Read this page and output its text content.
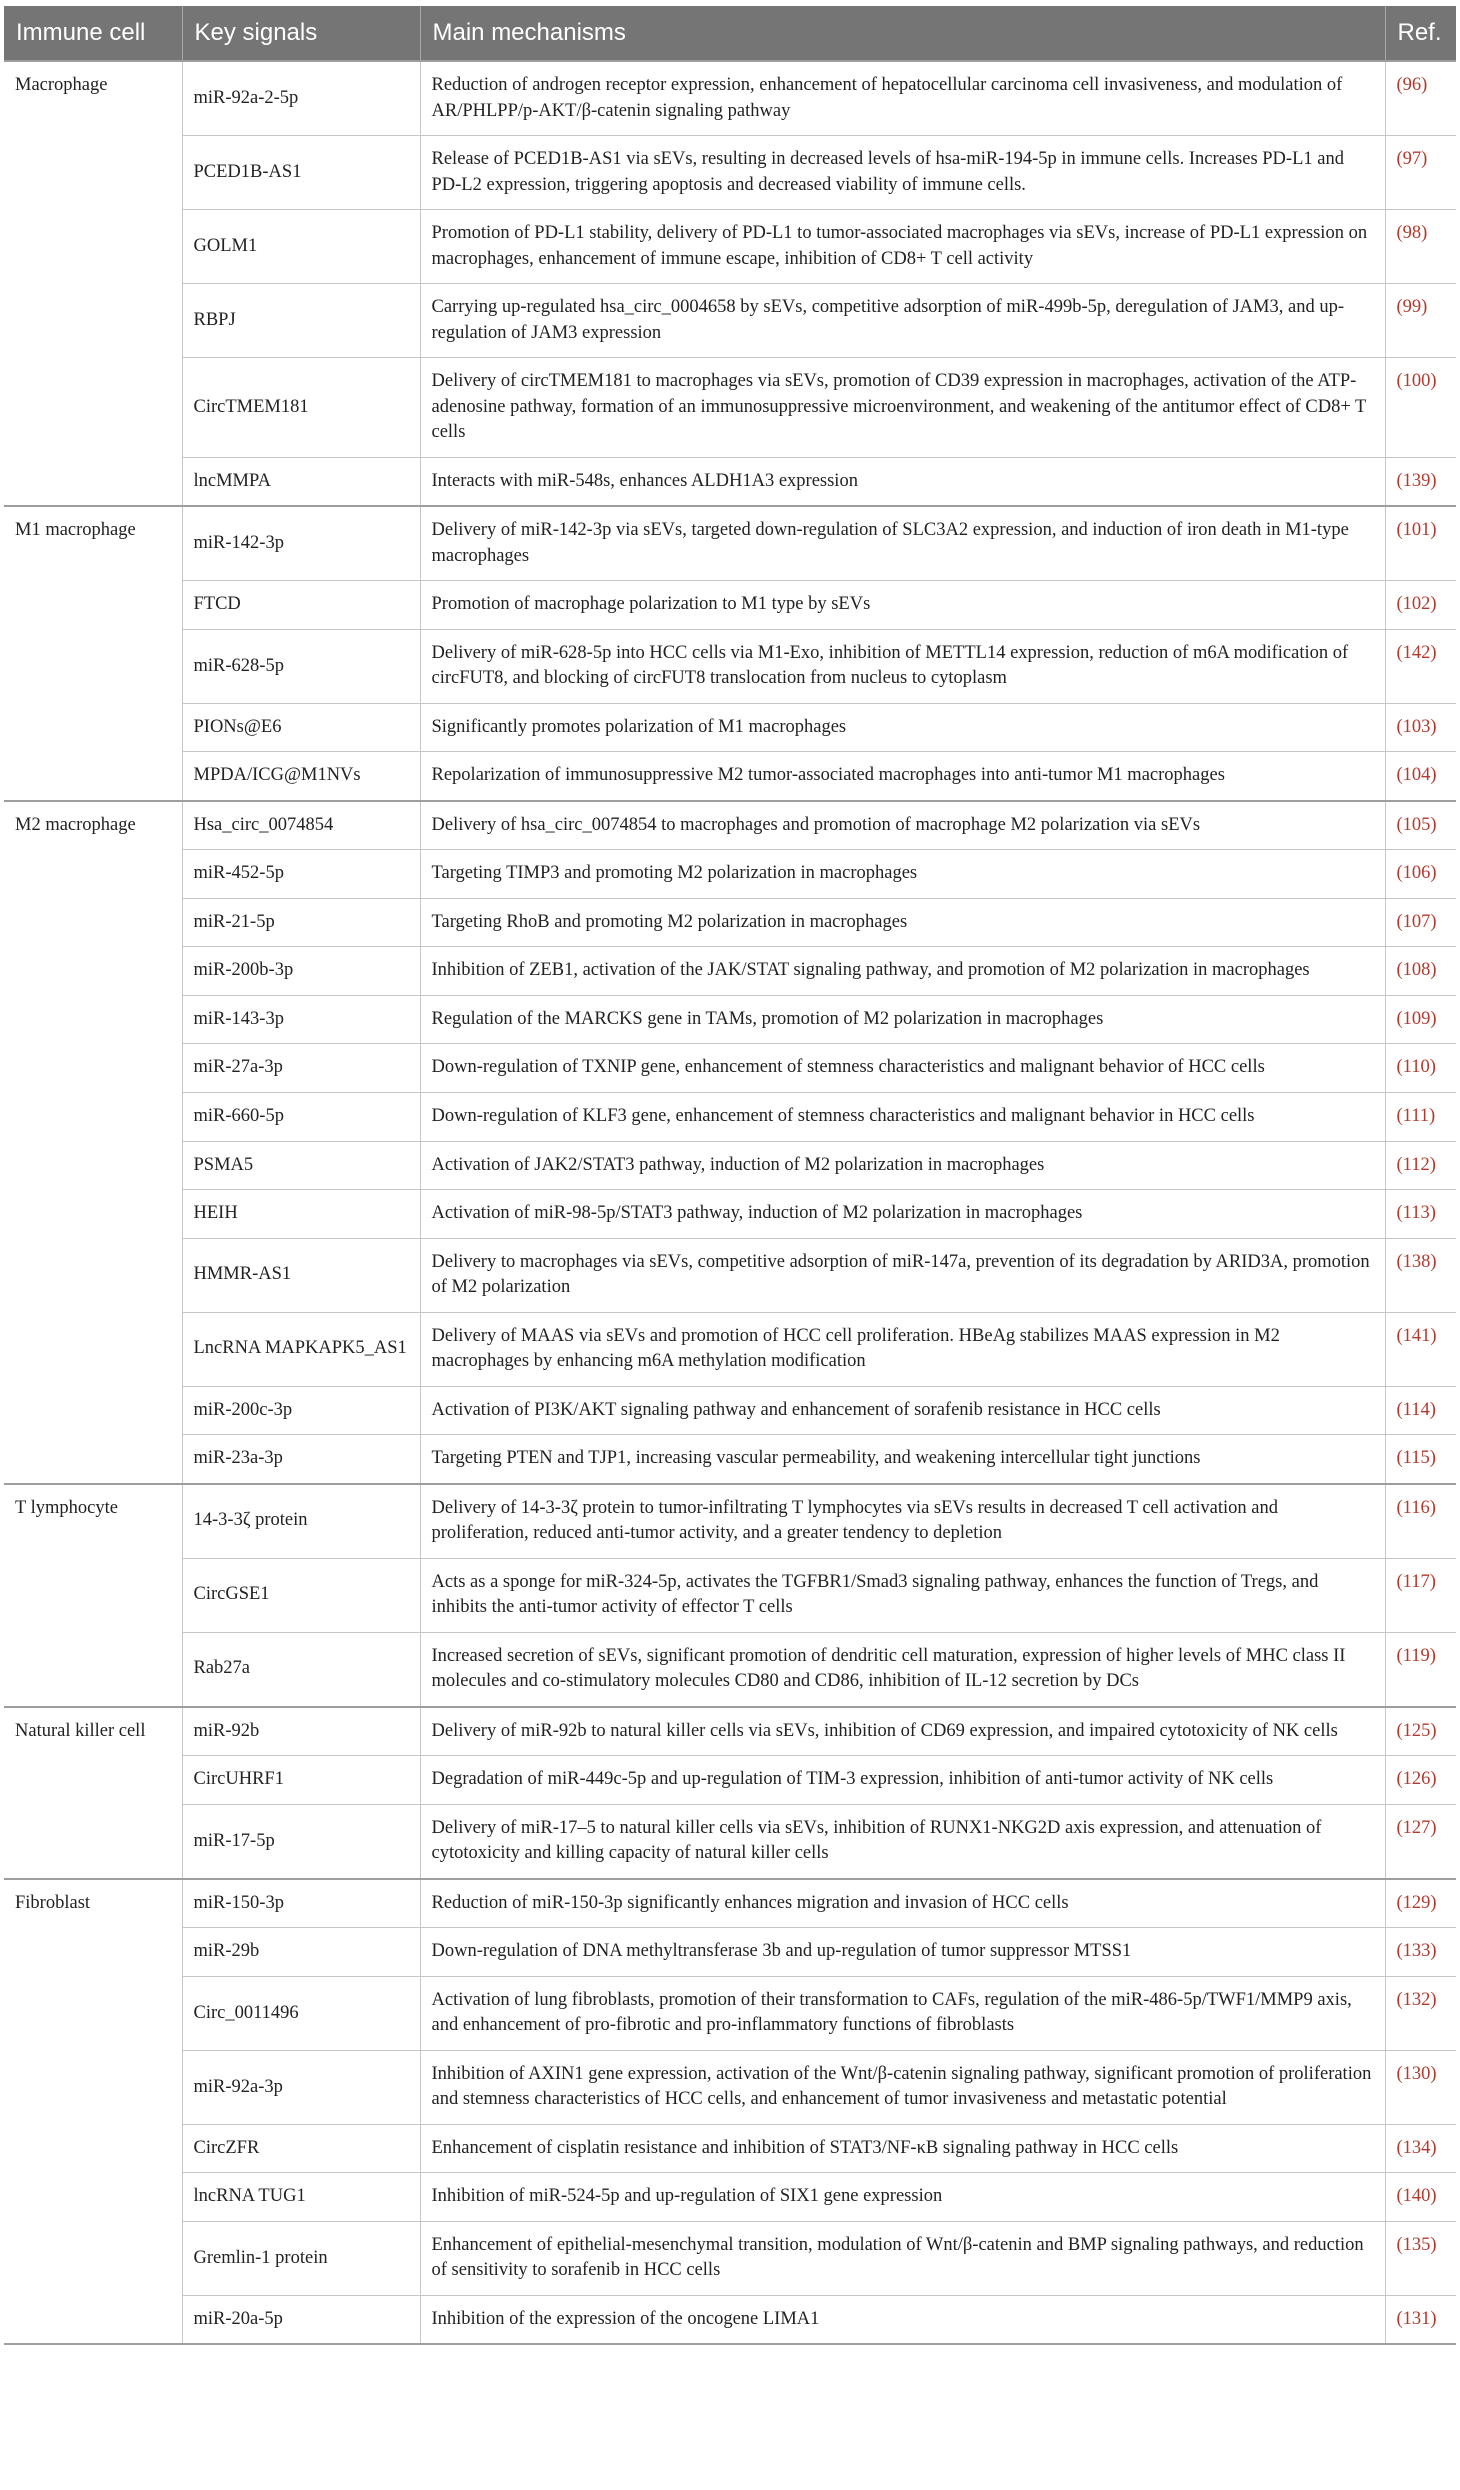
Immune cell	Key signals	Main mechanisms	Ref.
Macrophage	miR-92a-2-5p	Reduction of androgen receptor expression, enhancement of hepatocellular carcinoma cell invasiveness, and modulation of AR/PHLPP/p-AKT/β-catenin signaling pathway	(96)
	PCED1B-AS1	Release of PCED1B-AS1 via sEVs, resulting in decreased levels of hsa-miR-194-5p in immune cells. Increases PD-L1 and PD-L2 expression, triggering apoptosis and decreased viability of immune cells.	(97)
	GOLM1	Promotion of PD-L1 stability, delivery of PD-L1 to tumor-associated macrophages via sEVs, increase of PD-L1 expression on macrophages, enhancement of immune escape, inhibition of CD8+ T cell activity	(98)
	RBPJ	Carrying up-regulated hsa_circ_0004658 by sEVs, competitive adsorption of miR-499b-5p, deregulation of JAM3, and up-regulation of JAM3 expression	(99)
	CircTMEM181	Delivery of circTMEM181 to macrophages via sEVs, promotion of CD39 expression in macrophages, activation of the ATP-adenosine pathway, formation of an immunosuppressive microenvironment, and weakening of the antitumor effect of CD8+ T cells	(100)
	lncMMPA	Interacts with miR-548s, enhances ALDH1A3 expression	(139)
M1 macrophage	miR-142-3p	Delivery of miR-142-3p via sEVs, targeted down-regulation of SLC3A2 expression, and induction of iron death in M1-type macrophages	(101)
	FTCD	Promotion of macrophage polarization to M1 type by sEVs	(102)
	miR-628-5p	Delivery of miR-628-5p into HCC cells via M1-Exo, inhibition of METTL14 expression, reduction of m6A modification of circFUT8, and blocking of circFUT8 translocation from nucleus to cytoplasm	(142)
	PIONs@E6	Significantly promotes polarization of M1 macrophages	(103)
	MPDA/ICG@M1NVs	Repolarization of immunosuppressive M2 tumor-associated macrophages into anti-tumor M1 macrophages	(104)
M2 macrophage	Hsa_circ_0074854	Delivery of hsa_circ_0074854 to macrophages and promotion of macrophage M2 polarization via sEVs	(105)
	miR-452-5p	Targeting TIMP3 and promoting M2 polarization in macrophages	(106)
	miR-21-5p	Targeting RhoB and promoting M2 polarization in macrophages	(107)
	miR-200b-3p	Inhibition of ZEB1, activation of the JAK/STAT signaling pathway, and promotion of M2 polarization in macrophages	(108)
	miR-143-3p	Regulation of the MARCKS gene in TAMs, promotion of M2 polarization in macrophages	(109)
	miR-27a-3p	Down-regulation of TXNIP gene, enhancement of stemness characteristics and malignant behavior of HCC cells	(110)
	miR-660-5p	Down-regulation of KLF3 gene, enhancement of stemness characteristics and malignant behavior in HCC cells	(111)
	PSMA5	Activation of JAK2/STAT3 pathway, induction of M2 polarization in macrophages	(112)
	HEIH	Activation of miR-98-5p/STAT3 pathway, induction of M2 polarization in macrophages	(113)
	HMMR-AS1	Delivery to macrophages via sEVs, competitive adsorption of miR-147a, prevention of its degradation by ARID3A, promotion of M2 polarization	(138)
	LncRNA MAPKAPK5_AS1	Delivery of MAAS via sEVs and promotion of HCC cell proliferation. HBeAg stabilizes MAAS expression in M2 macrophages by enhancing m6A methylation modification	(141)
	miR-200c-3p	Activation of PI3K/AKT signaling pathway and enhancement of sorafenib resistance in HCC cells	(114)
	miR-23a-3p	Targeting PTEN and TJP1, increasing vascular permeability, and weakening intercellular tight junctions	(115)
T lymphocyte	14-3-3ζ protein	Delivery of 14-3-3ζ protein to tumor-infiltrating T lymphocytes via sEVs results in decreased T cell activation and proliferation, reduced anti-tumor activity, and a greater tendency to depletion	(116)
	CircGSE1	Acts as a sponge for miR-324-5p, activates the TGFBR1/Smad3 signaling pathway, enhances the function of Tregs, and inhibits the anti-tumor activity of effector T cells	(117)
	Rab27a	Increased secretion of sEVs, significant promotion of dendritic cell maturation, expression of higher levels of MHC class II molecules and co-stimulatory molecules CD80 and CD86, inhibition of IL-12 secretion by DCs	(119)
Natural killer cell	miR-92b	Delivery of miR-92b to natural killer cells via sEVs, inhibition of CD69 expression, and impaired cytotoxicity of NK cells	(125)
	CircUHRF1	Degradation of miR-449c-5p and up-regulation of TIM-3 expression, inhibition of anti-tumor activity of NK cells	(126)
	miR-17-5p	Delivery of miR-17–5 to natural killer cells via sEVs, inhibition of RUNX1-NKG2D axis expression, and attenuation of cytotoxicity and killing capacity of natural killer cells	(127)
Fibroblast	miR-150-3p	Reduction of miR-150-3p significantly enhances migration and invasion of HCC cells	(129)
	miR-29b	Down-regulation of DNA methyltransferase 3b and up-regulation of tumor suppressor MTSS1	(133)
	Circ_0011496	Activation of lung fibroblasts, promotion of their transformation to CAFs, regulation of the miR-486-5p/TWF1/MMP9 axis, and enhancement of pro-fibrotic and pro-inflammatory functions of fibroblasts	(132)
	miR-92a-3p	Inhibition of AXIN1 gene expression, activation of the Wnt/β-catenin signaling pathway, significant promotion of proliferation and stemness characteristics of HCC cells, and enhancement of tumor invasiveness and metastatic potential	(130)
	CircZFR	Enhancement of cisplatin resistance and inhibition of STAT3/NF-κB signaling pathway in HCC cells	(134)
	lncRNA TUG1	Inhibition of miR-524-5p and up-regulation of SIX1 gene expression	(140)
	Gremlin-1 protein	Enhancement of epithelial-mesenchymal transition, modulation of Wnt/β-catenin and BMP signaling pathways, and reduction of sensitivity to sorafenib in HCC cells	(135)
	miR-20a-5p	Inhibition of the expression of the oncogene LIMA1	(131)
